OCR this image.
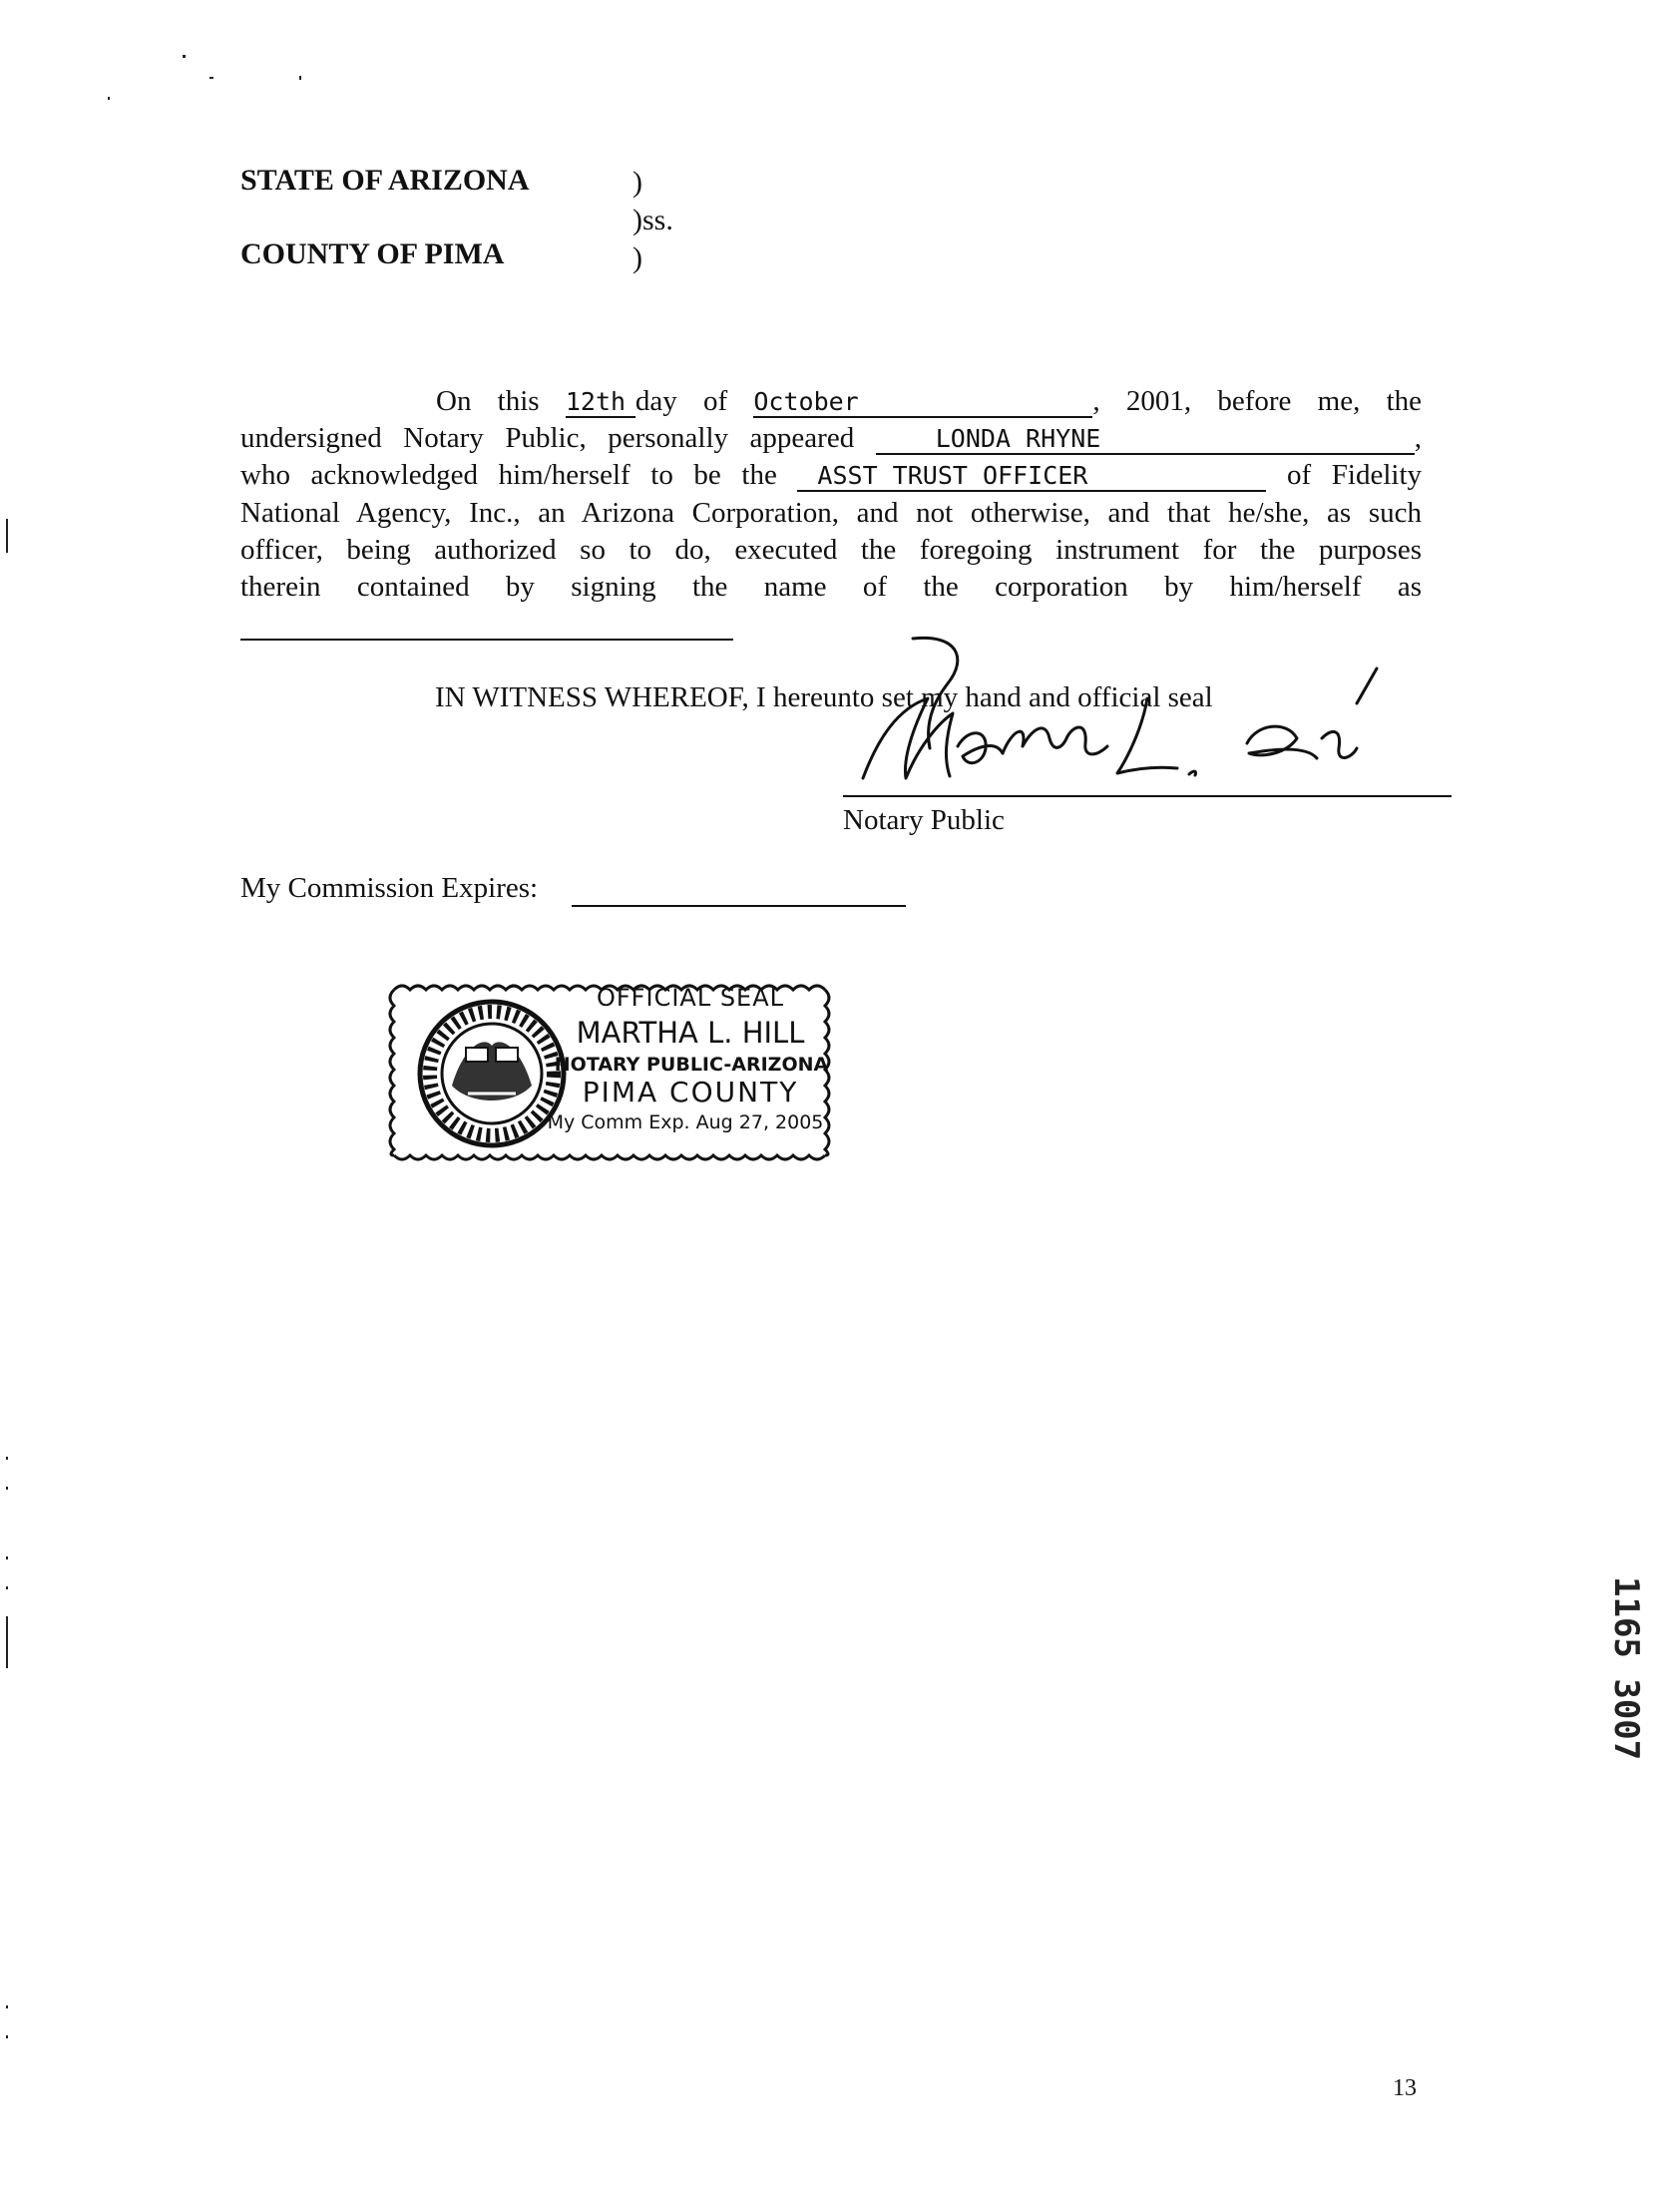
STATE OF ARIZONA
COUNTY OF PIMA
)
)ss.
)
On this 12th day of October	, 2001, before me, the
undersigned Notary Public, personally appeared	LONDA RHYNE	,
who acknowledged him/herself to be the ASST TRUST OFFICER	of Fidelity
National Agency, Inc., an Arizona Corporation, and not otherwise, and that he/she, as such
officer, being authorized so to do, executed the foregoing instrument for the purposes
therein contained by signing the name of the corporation by him/herself as
IN WITNESS WHEREOF, I hereunto set my hand and official seal
Notary Public
My Commission Expires:
OFFICIAL SEAL
MARTHA L. HILL
NOTARY PUBLIC-ARIZONA
PIMA COUNTY
My Comm Exp. Aug 27, 2005
1165 3007
13
